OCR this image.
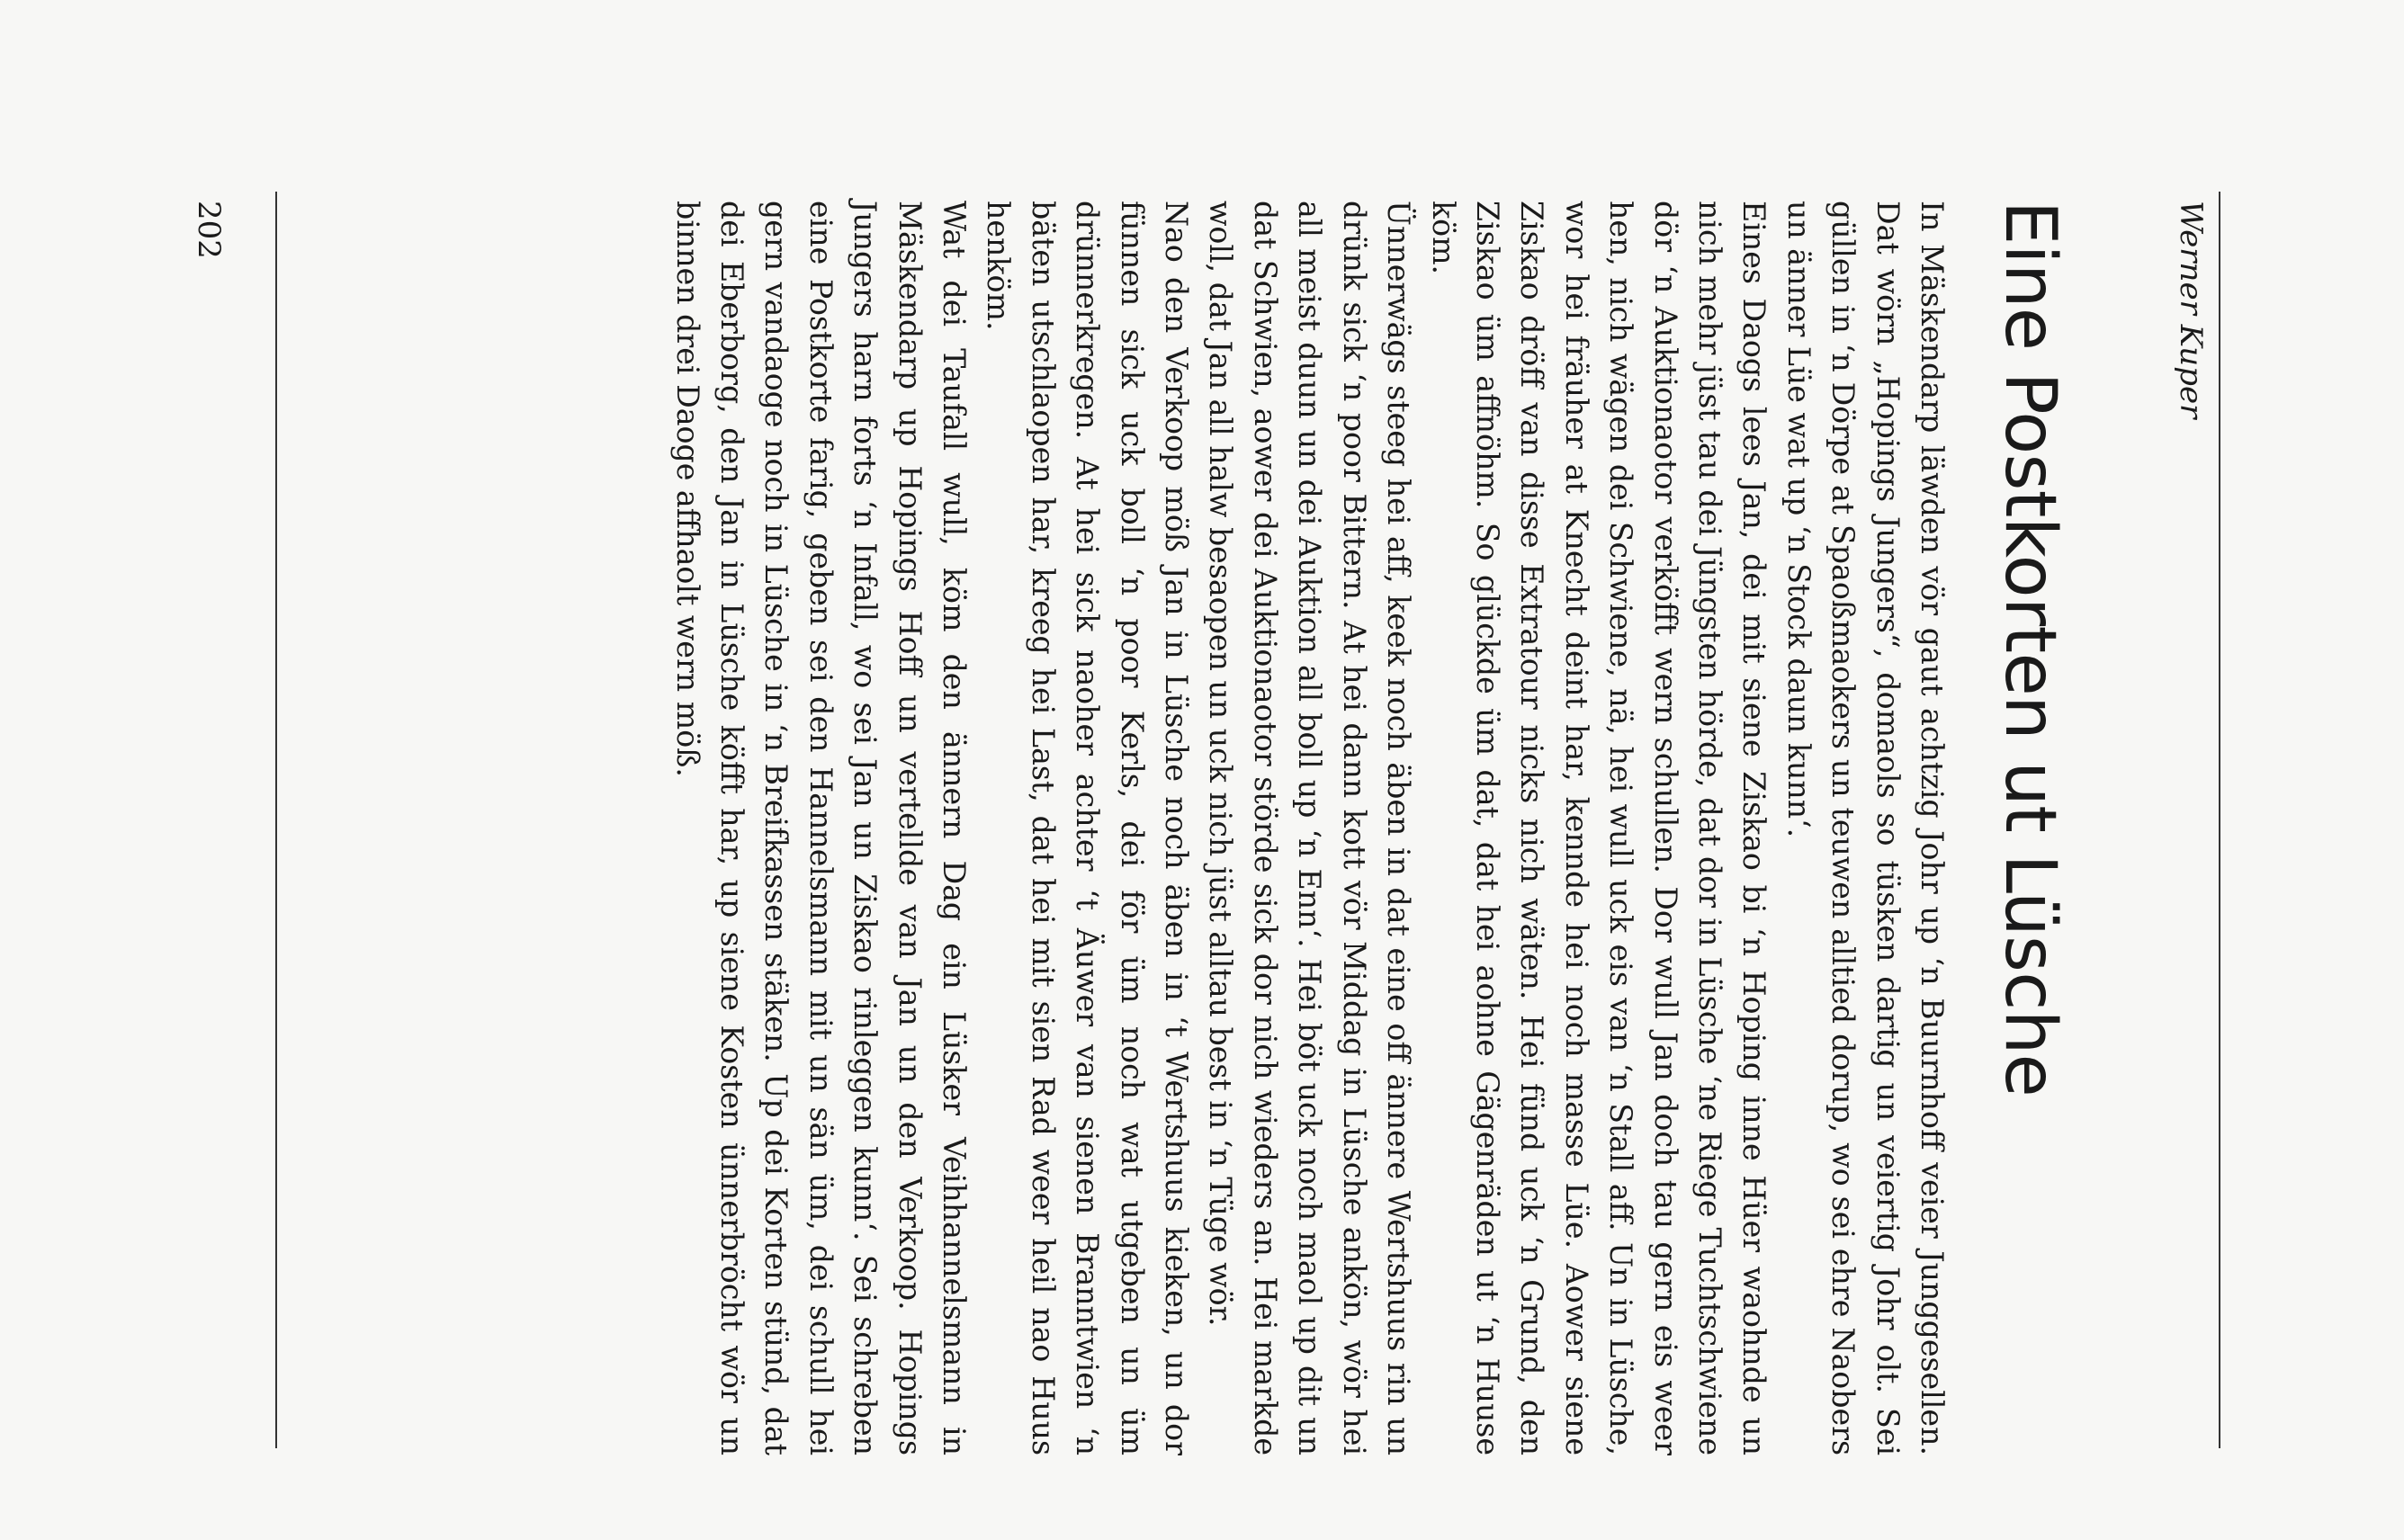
Werner Kuper
Eine Postkorten ut Lüsche

In Mäskendarp läwden vör gaut achtzig Johr up ‘n Buurnhoff veier Junggesellen. Dat wörn „Hopings Jungers“, domaols so tüsken dartig un veiertig Johr olt. Sei güllen in ‘n Dörpe at Spaoßmaokers un teuwen alltied dorup, wo sei ehre Naobers un änner Lüe wat up ‘n Stock daun kunn‘.

Eines Daogs lees Jan, dei mit siene Ziskao bi ‘n Hoping inne Hüer waohnde un nich mehr jüst tau dei Jüngsten hörde, dat dor in Lüsche ‘ne Riege Tuchtschwiene dör ‘n Auktionaotor verköfft wern schullen. Dor wull Jan doch tau gern eis weer hen, nich wägen dei Schwiene, nä, hei wull uck eis van ‘n Stall aff. Un in Lüsche, wor hei fräuher at Knecht deint har, kennde hei noch masse Lüe. Aower siene Ziskao dröff van disse Extratour nicks nich wäten. Hei fünd uck ‘n Grund, den Ziskao üm affnöhm. So glückde üm dat, dat hei aohne Gägenräden ut ‘n Huuse köm.

Ünnerwägs steeg hei aff, keek noch äben in dat eine off ännere Wertshuus rin un drünk sick ‘n poor Bittern. At hei dann kott vör Middag in Lüsche ankön, wör hei all meist duun un dei Auktion all boll up ‘n Enn‘. Hei böt uck noch maol up dit un dat Schwien, aower dei Auktionaotor störde sick dor nich wieders an. Hei markde woll, dat Jan all halw besaopen un uck nich jüst alltau best in ‘n Tüge wör.

Nao den Verkoop möß Jan in Lüsche noch äben in ‘t Wertshuus kieken, un dor fünnen sick uck boll ‘n poor Kerls, dei för üm noch wat utgeben un üm drünnerkregen. At hei sick naoher achter ‘t Äuwer van sienen Branntwien ‘n bäten utschlaopen har, kreeg hei Last, dat hei mit sien Rad weer heil nao Huus henköm.

Wat dei Taufall wull, köm den ännern Dag ein Lüsker Veihhannelsmann in Mäskendarp up Hopings Hoff un vertellde van Jan un den Verkoop. Hopings Jungers harn forts ‘n Infall, wo sei Jan un Ziskao rinleggen kunn‘. Sei schreben eine Postkorte farig, geben sei den Hannelsmann mit un sän üm, dei schull hei gern vandaoge noch in Lüsche in ‘n Breifkassen stäken. Up dei Korten stünd, dat dei Eberborg, den Jan in Lüsche köfft har, up siene Kosten ünnerbröcht wör un binnen drei Daoge affhaolt wern möß.

202
